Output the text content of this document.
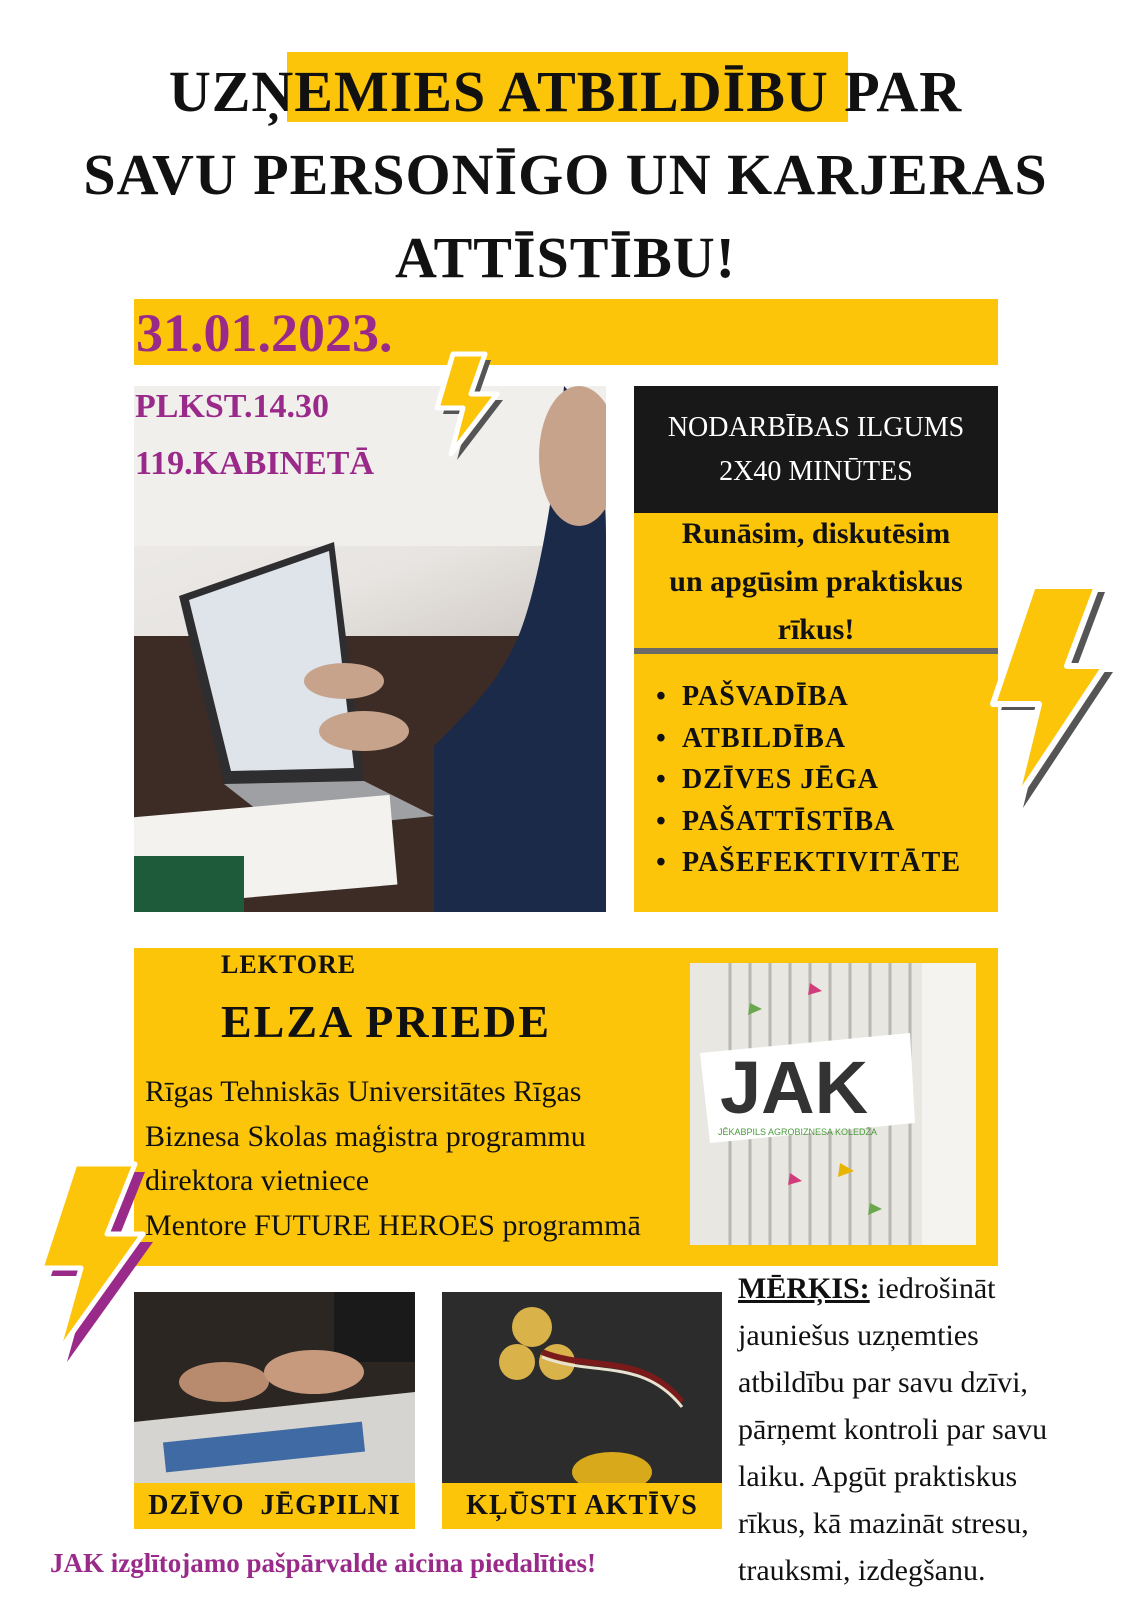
UZŅEMIES ATBILDĪBU PAR
SAVU PERSONĪGO UN KARJERAS
ATTĪSTĪBU!
31.01.2023.
PLKST.14.30
119.KABINETĀ
NODARBĪBAS ILGUMS
2X40 MINŪTES
Runāsim, diskutēsim
un apgūsim praktiskus
rīkus!
• PAŠVADĪBA
• ATBILDĪBA
• DZĪVES JĒGA
• PAŠATTĪSTĪBA
• PAŠEFEKTIVITĀTE
LEKTORE
ELZA PRIEDE
Rīgas Tehniskās Universitātes Rīgas
Biznesa Skolas maģistra programmu
direktora vietniece
Mentore FUTURE HEROES programmā
JAK
JĒKABPILS AGROBIZNESA KOLEDŽA
DZĪVO  JĒGPILNI	KĻŪSTI AKTĪVS
MĒRĶIS: iedrošināt
jauniešus uzņemties
atbildību par savu dzīvi,
pārņemt kontroli par savu
laiku. Apgūt praktiskus
rīkus, kā mazināt stresu,
trauksmi, izdegšanu.
JAK izglītojamo pašpārvalde aicina piedalīties!
